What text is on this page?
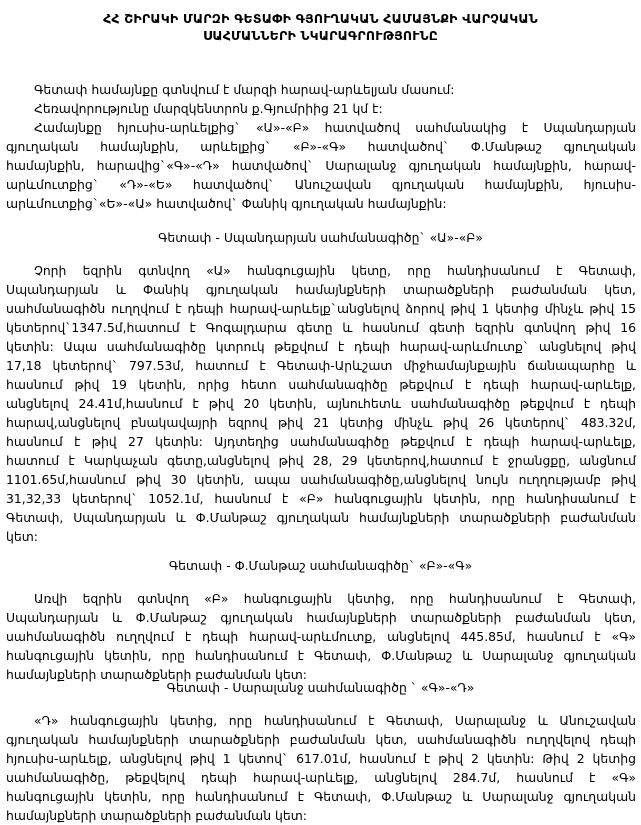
ՀՀ ՇԻՐԱԿԻ ՄԱՐԶԻ ԳԵՏԱՓԻ ԳՅՈՒՂԱԿԱՆ ՀԱՄԱՅՆՔԻ ՎԱՐՉԱԿԱՆ
ՍԱՀՄԱՆՆԵՐԻ ՆԿԱՐԱԳՐՈՒԹՅՈՒՆԸ
Գետափ համայնքը գտնվում է մարզի հարավ-արևելյան մասում:
Հեռավորությունը մարզկենտրոն ք.Գյումրիից 21 կմ է:
Համայնքը հյուսիս-արևելքից` «Ա»-«Բ» հատվածով սահմանակից է Սպանդարյան
գյուղական համայնքին, արևելքից` «Բ»-«Գ» հատվածով` Փ.Մանթաշ գյուղական
համայնքին, հարավից`«Գ»-«Դ» հատվածով` Սարալանջ գյուղական համայնքին, հարավ-
արևմուտքից` «Դ»-«Ե» հատվածով` Անուշավան գյուղական համայնքին, հյուսիս-
արևմուտքից`«Ե»-«Ա» հատվածով` Փանիկ գյուղական համայնքին:
Գետափ - Սպանդարյան սահմանագիծը` «Ա»-«Բ»
Չորի եզրին գտնվող «Ա» հանգուցային կետը, որը հանդիսանում է Գետափ,
Սպանդարյան և Փանիկ գյուղական համայնքների տարածքների բաժանման կետ,
սահմանագիծն ուղղվում է դեպի հարավ-արևելք`անցնելով ձորով թիվ 1 կետից մինչև թիվ 15
կետերով`1347.5մ,հատում է Գոգալդարա գետը և հասնում գետի եզրին գտնվող թիվ 16
կետին: Ապա սահմանագիծը կտրուկ թեքվում է դեպի հարավ-արևմուտք` անցնելով թիվ
17,18 կետերով` 797.53մ, հատում է Գետափ-Արևշատ միջհամայնքային ճանապարհը և
հասնում թիվ 19 կետին, որից հետո սահմանագիծը թեքվում է դեպի հարավ-արևելք,
անցնելով 24.41մ,հասնում է թիվ 20 կետին, այնուհետև սահմանագիծը թեքվում է դեպի
հարավ,անցնելով բնակավայրի եզրով թիվ 21 կետից մինչև թիվ 26 կետերով` 483.32մ,
հասնում է թիվ 27 կետին: Այդտեղից սահմանագիծը թեքվում է դեպի հարավ-արևելք,
հատում է Կարկաչան գետը,անցնելով թիվ 28, 29 կետերով,հատում է ջրանցքը, անցնում
1101.65մ,հասնում թիվ 30 կետին, ապա սահմանագիծը,անցնելով նույն ուղղությամբ թիվ
31,32,33 կետերով` 1052.1մ, հասնում է «Բ» հանգուցային կետին, որը հանդիսանում է
Գետափ, Սպանդարյան և Փ.Մանթաշ գյուղական համայնքների տարածքների բաժանման
կետ:
Գետափ - Փ.Մանթաշ սահմանագիծը` «Բ»-«Գ»
Առվի եզրին գտնվող «Բ» հանգուցային կետից, որը հանդիսանում է Գետափ,
Սպանդարյան և Փ.Մանթաշ գյուղական համայնքների տարածքների բաժանման կետ,
սահմանագիծն ուղղվում է դեպի հարավ-արևմուտք, անցնելով 445.85մ, հասնում է «Գ»
հանգուցային կետին, որը հանդիսանում է Գետափ, Փ.Մանթաշ և Սարալանջ գյուղական
համայնքների տարածքների բաժանման կետ:
Գետափ - Սարալանջ սահմանագիծը ` «Գ»-«Դ»
«Դ» հանգուցային կետից, որը հանդիսանում է Գետափ, Սարալանջ և Անուշավան
գյուղական համայնքների տարածքների բաժանման կետ, սահմանագիծն ուղղվելով դեպի
հյուսիս-արևելք, անցնելով թիվ 1 կետով` 617.01մ, հասնում է թիվ 2 կետին: Թիվ 2 կետից
սահմանագիծը, թեքվելով դեպի հարավ-արևելք, անցնելով 284.7մ, հասնում է «Գ»
հանգուցային կետին, որը հանդիսանում է Գետափ, Փ.Մանթաշ և Սարալանջ գյուղական
համայնքների տարածքների բաժանման կետ:
